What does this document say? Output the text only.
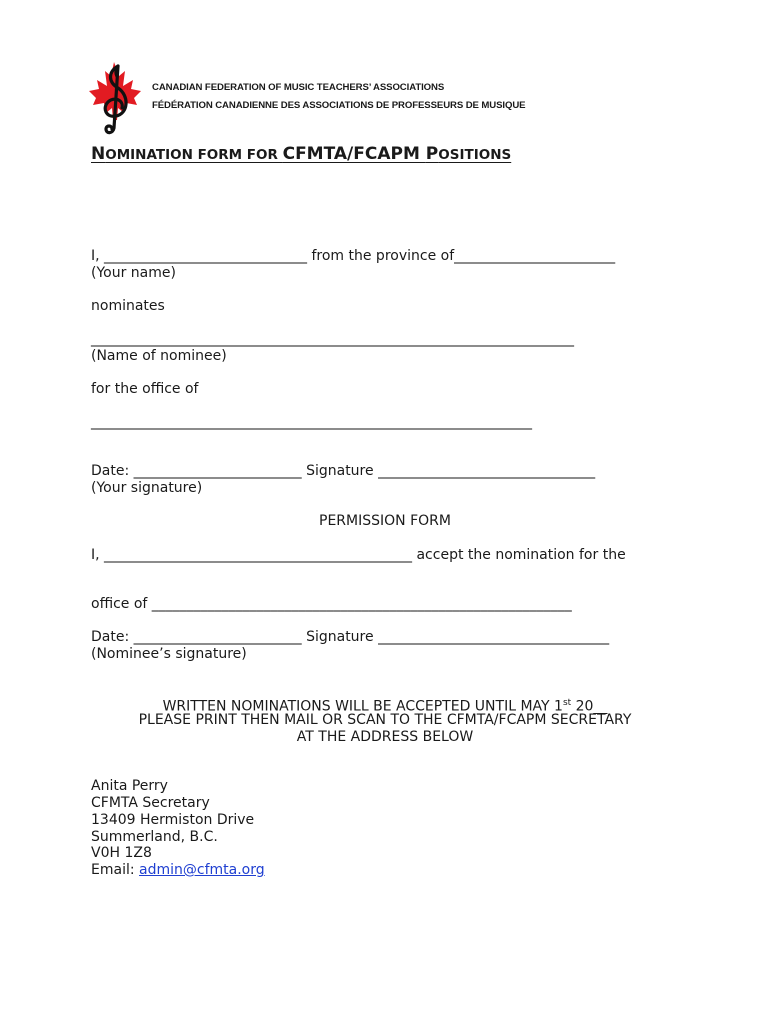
CANADIAN FEDERATION OF MUSIC TEACHERS’ ASSOCIATIONS
FÉDÉRATION CANADIENNE DES ASSOCIATIONS DE PROFESSEURS DE MUSIQUE
NOMINATION FORM FOR CFMTA/FCAPM POSITIONS
I, _____________________________ from the province of_______________________
(Your name)
nominates
_____________________________________________________________________
(Name of nominee)
for the office of
_______________________________________________________________
Date: ________________________ Signature _______________________________
(Your signature)
PERMISSION FORM
I, ____________________________________________ accept the nomination for the
office of ____________________________________________________________
Date: ________________________ Signature _________________________________
(Nominee’s signature)
WRITTEN NOMINATIONS WILL BE ACCEPTED UNTIL MAY 1st 20__
PLEASE PRINT THEN MAIL OR SCAN TO THE CFMTA/FCAPM SECRETARY
AT THE ADDRESS BELOW
Anita Perry
CFMTA Secretary
13409 Hermiston Drive
Summerland, B.C.
V0H 1Z8
Email: admin@cfmta.org
